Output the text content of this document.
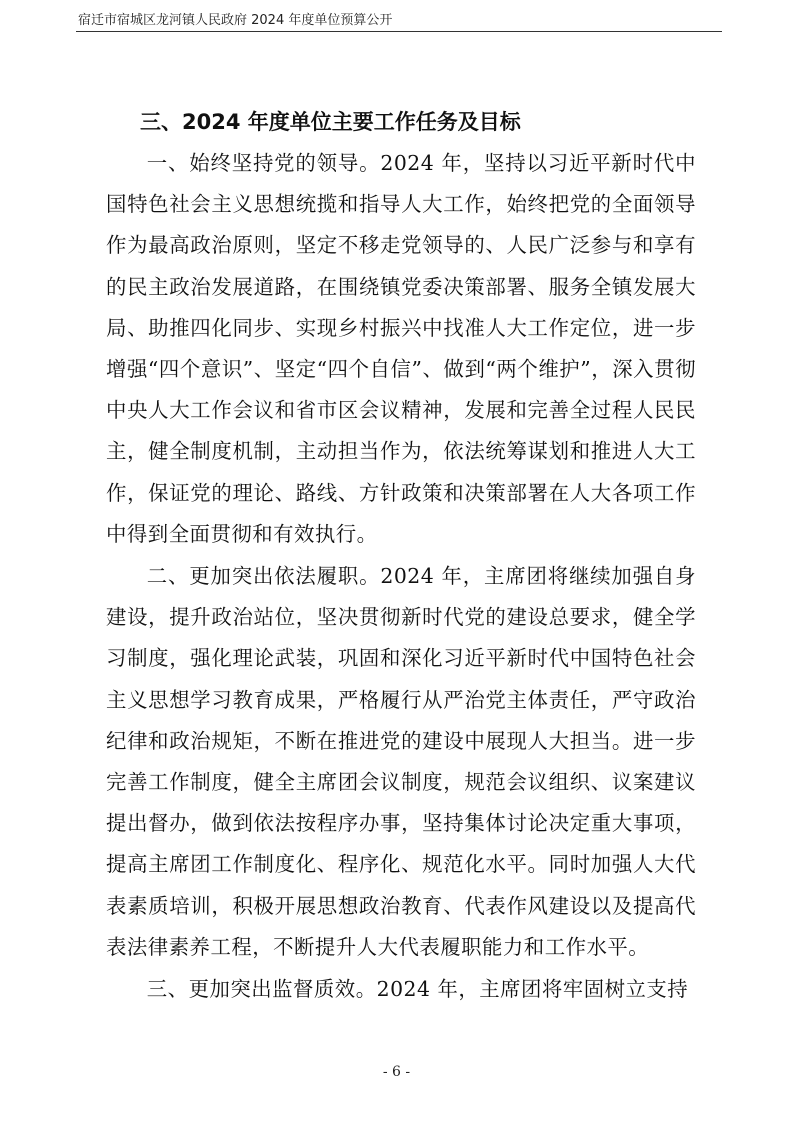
宿迁市宿城区龙河镇人民政府 2024 年度单位预算公开
三、2024 年度单位主要工作任务及目标

一、始终坚持党的领导。2024 年，坚持以习近平新时代中国特色社会主义思想统揽和指导人大工作，始终把党的全面领导作为最高政治原则，坚定不移走党领导的、人民广泛参与和享有的民主政治发展道路，在围绕镇党委决策部署、服务全镇发展大局、助推四化同步、实现乡村振兴中找准人大工作定位，进一步增强“四个意识”、坚定“四个自信”、做到“两个维护”，深入贯彻中央人大工作会议和省市区会议精神，发展和完善全过程人民民主，健全制度机制，主动担当作为，依法统筹谋划和推进人大工作，保证党的理论、路线、方针政策和决策部署在人大各项工作中得到全面贯彻和有效执行。

二、更加突出依法履职。2024 年，主席团将继续加强自身建设，提升政治站位，坚决贯彻新时代党的建设总要求，健全学习制度，强化理论武装，巩固和深化习近平新时代中国特色社会主义思想学习教育成果，严格履行从严治党主体责任，严守政治纪律和政治规矩，不断在推进党的建设中展现人大担当。进一步完善工作制度，健全主席团会议制度，规范会议组织、议案建议提出督办，做到依法按程序办事，坚持集体讨论决定重大事项，提高主席团工作制度化、程序化、规范化水平。同时加强人大代表素质培训，积极开展思想政治教育、代表作风建设以及提高代表法律素养工程，不断提升人大代表履职能力和工作水平。

三、更加突出监督质效。2024 年，主席团将牢固树立支持

- 6 -
